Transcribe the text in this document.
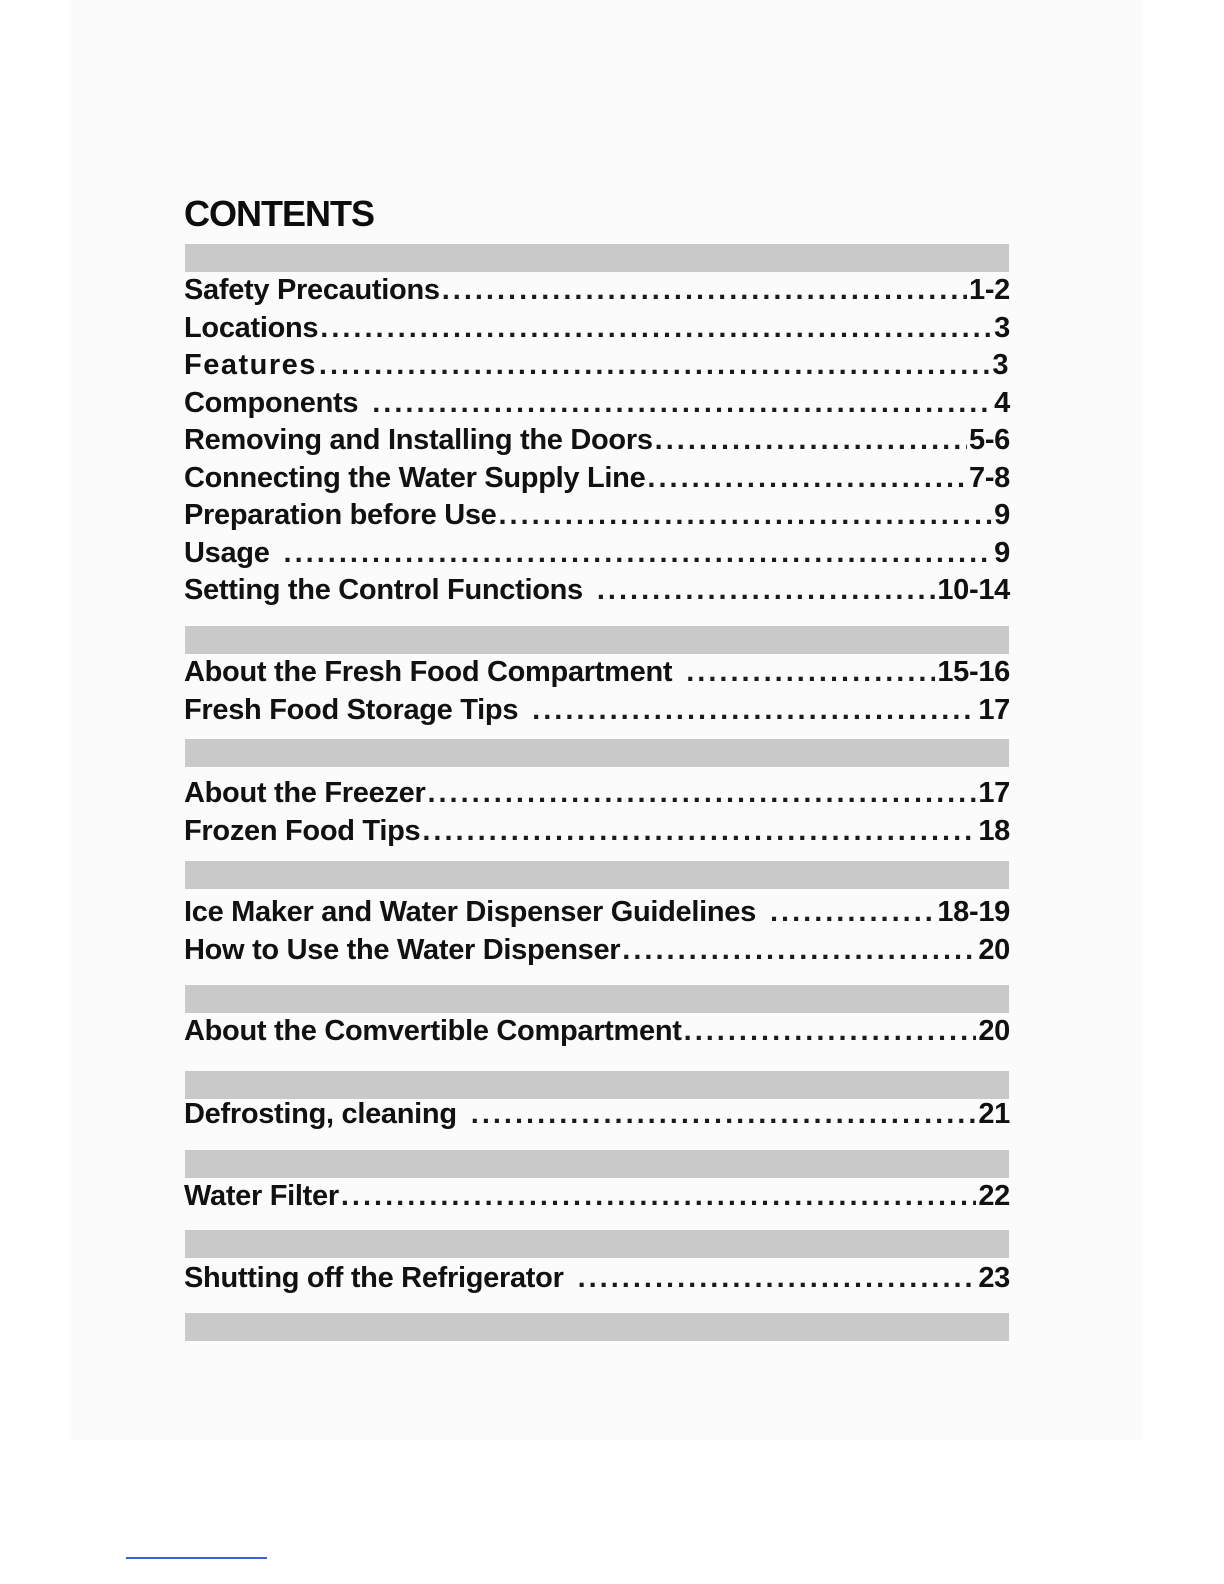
CONTENTS
Safety Precautions .....	1-2
Locations .....	3
Features .....	3
Components .....	4
Removing and Installing the Doors .....	5-6
Connecting the Water Supply Line .....	7-8
Preparation before Use .....	9
Usage .....	9
Setting the Control Functions .....	10-14
About the Fresh Food Compartment .....	15-16
Fresh Food Storage Tips .....	17
About the Freezer .....	17
Frozen Food Tips .....	18
Ice Maker and Water Dispenser Guidelines .....	18-19
How to Use the Water Dispenser .....	20
About the Comvertible Compartment .....	20
Defrosting, cleaning .....	21
Water Filter .....	22
Shutting off the Refrigerator .....	23
